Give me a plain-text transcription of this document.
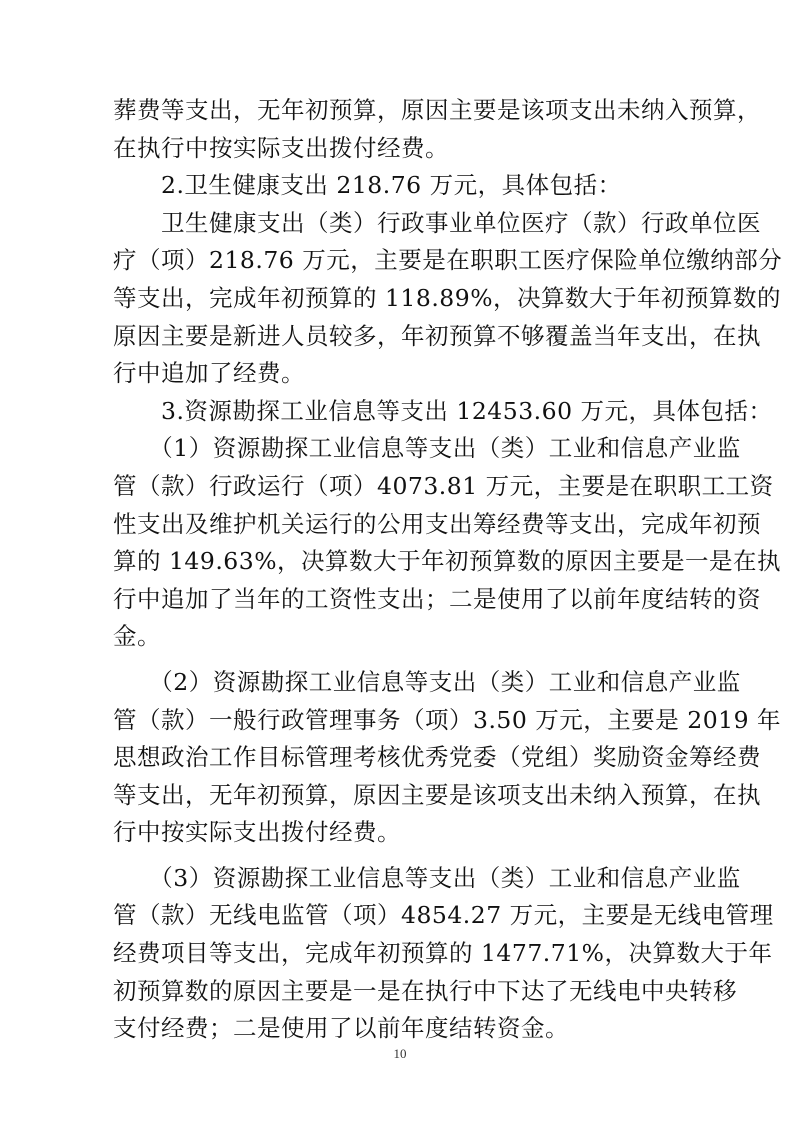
葬费等支出，无年初预算，原因主要是该项支出未纳入预算，
在执行中按实际支出拨付经费。
　　2.卫生健康支出 218.76 万元，具体包括：
　　卫生健康支出（类）行政事业单位医疗（款）行政单位医
疗（项）218.76 万元，主要是在职职工医疗保险单位缴纳部分
等支出，完成年初预算的 118.89%，决算数大于年初预算数的
原因主要是新进人员较多，年初预算不够覆盖当年支出，在执
行中追加了经费。
　　3.资源勘探工业信息等支出 12453.60 万元，具体包括：
　　（1）资源勘探工业信息等支出（类）工业和信息产业监
管（款）行政运行（项）4073.81 万元，主要是在职职工工资
性支出及维护机关运行的公用支出筹经费等支出，完成年初预
算的 149.63%，决算数大于年初预算数的原因主要是一是在执
行中追加了当年的工资性支出；二是使用了以前年度结转的资
金。
　　（2）资源勘探工业信息等支出（类）工业和信息产业监
管（款）一般行政管理事务（项）3.50 万元，主要是 2019 年
思想政治工作目标管理考核优秀党委（党组）奖励资金筹经费
等支出，无年初预算，原因主要是该项支出未纳入预算，在执
行中按实际支出拨付经费。
　　（3）资源勘探工业信息等支出（类）工业和信息产业监
管（款）无线电监管（项）4854.27 万元，主要是无线电管理
经费项目等支出，完成年初预算的 1477.71%，决算数大于年
初预算数的原因主要是一是在执行中下达了无线电中央转移
支付经费；二是使用了以前年度结转资金。
10
